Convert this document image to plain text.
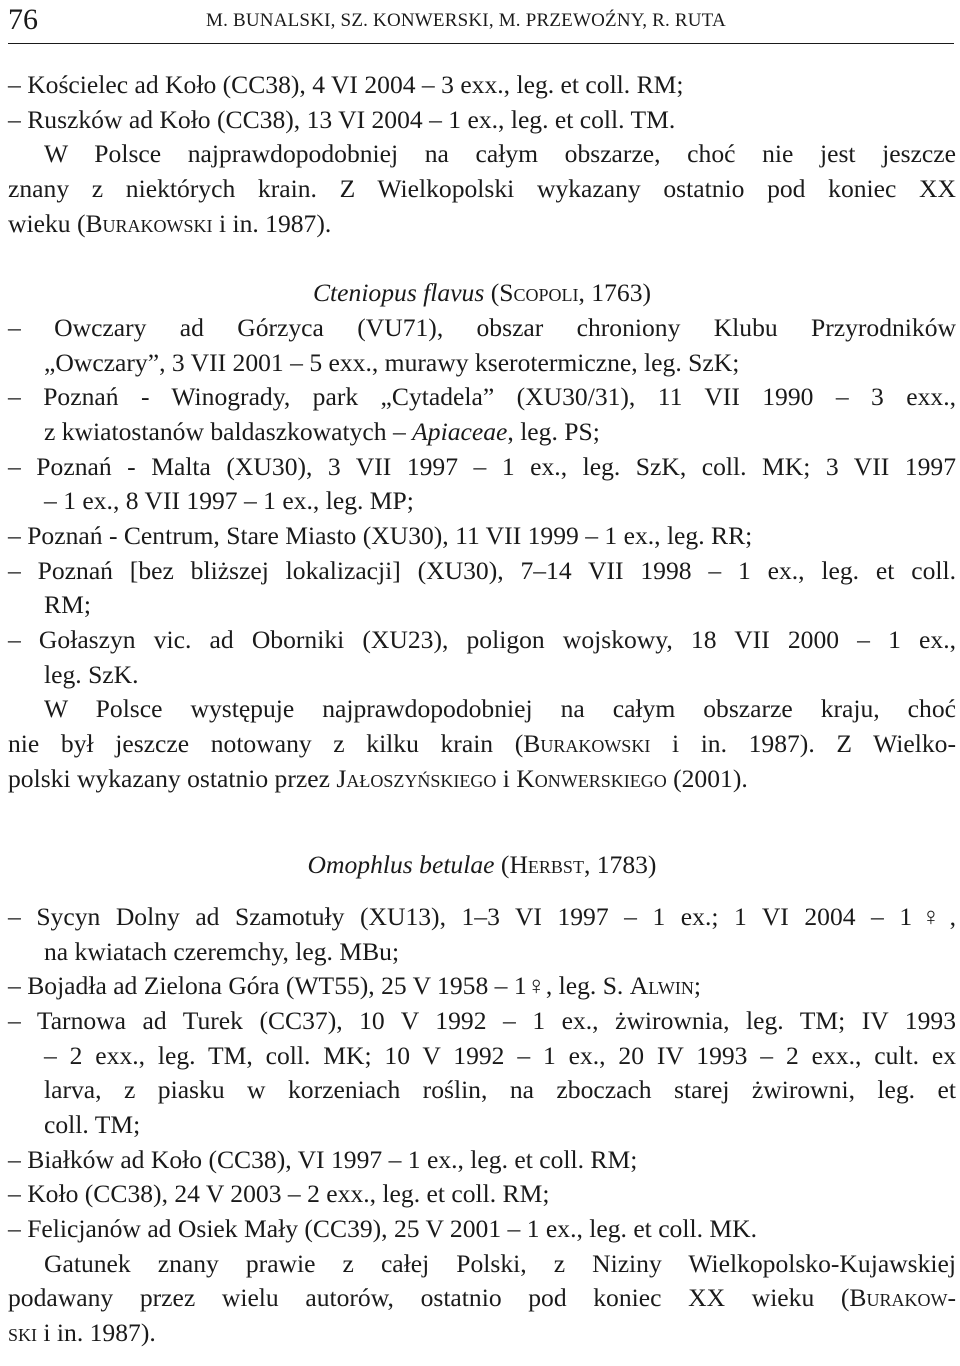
76	M. BUNALSKI, SZ. KONWERSKI, M. PRZEWOŹNY, R. RUTA
– Kościelec ad Koło (CC38), 4 VI 2004 – 3 exx., leg. et coll. RM;
– Ruszków ad Koło (CC38), 13 VI 2004 – 1 ex., leg. et coll. TM.
W Polsce najprawdopodobniej na całym obszarze, choć nie jest jeszcze
znany z niektórych krain. Z Wielkopolski wykazany ostatnio pod koniec XX
wieku (Burakowski i in. 1987).
Cteniopus flavus (Scopoli, 1763)
– Owczary ad Górzyca (VU71), obszar chroniony Klubu Przyrodników
„Owczary”, 3 VII 2001 – 5 exx., murawy kserotermiczne, leg. SzK;
– Poznań - Winogrady, park „Cytadela” (XU30/31), 11 VII 1990 – 3 exx.,
z kwiatostanów baldaszkowatych – Apiaceae, leg. PS;
– Poznań - Malta (XU30), 3 VII 1997 – 1 ex., leg. SzK, coll. MK; 3 VII 1997
– 1 ex., 8 VII 1997 – 1 ex., leg. MP;
– Poznań - Centrum, Stare Miasto (XU30), 11 VII 1999 – 1 ex., leg. RR;
– Poznań [bez bliższej lokalizacji] (XU30), 7–14 VII 1998 – 1 ex., leg. et coll.
RM;
– Gołaszyn vic. ad Oborniki (XU23), poligon wojskowy, 18 VII 2000 – 1 ex.,
leg. SzK.
W Polsce występuje najprawdopodobniej na całym obszarze kraju, choć
nie był jeszcze notowany z kilku krain (Burakowski i in. 1987). Z Wielko-
polski wykazany ostatnio przez Jałoszyńskiego i Konwerskiego (2001).
Omophlus betulae (Herbst, 1783)
– Sycyn Dolny ad Szamotuły (XU13), 1–3 VI 1997 – 1 ex.; 1 VI 2004 – 1♀,
na kwiatach czeremchy, leg. MBu;
– Bojadła ad Zielona Góra (WT55), 25 V 1958 – 1♀, leg. S. Alwin;
– Tarnowa ad Turek (CC37), 10 V 1992 – 1 ex., żwirownia, leg. TM; IV 1993
– 2 exx., leg. TM, coll. MK; 10 V 1992 – 1 ex., 20 IV 1993 – 2 exx., cult. ex
larva, z piasku w korzeniach roślin, na zboczach starej żwirowni, leg. et
coll. TM;
– Białków ad Koło (CC38), VI 1997 – 1 ex., leg. et coll. RM;
– Koło (CC38), 24 V 2003 – 2 exx., leg. et coll. RM;
– Felicjanów ad Osiek Mały (CC39), 25 V 2001 – 1 ex., leg. et coll. MK.
Gatunek znany prawie z całej Polski, z Niziny Wielkopolsko-Kujawskiej
podawany przez wielu autorów, ostatnio pod koniec XX wieku (Burakow-
ski i in. 1987).
